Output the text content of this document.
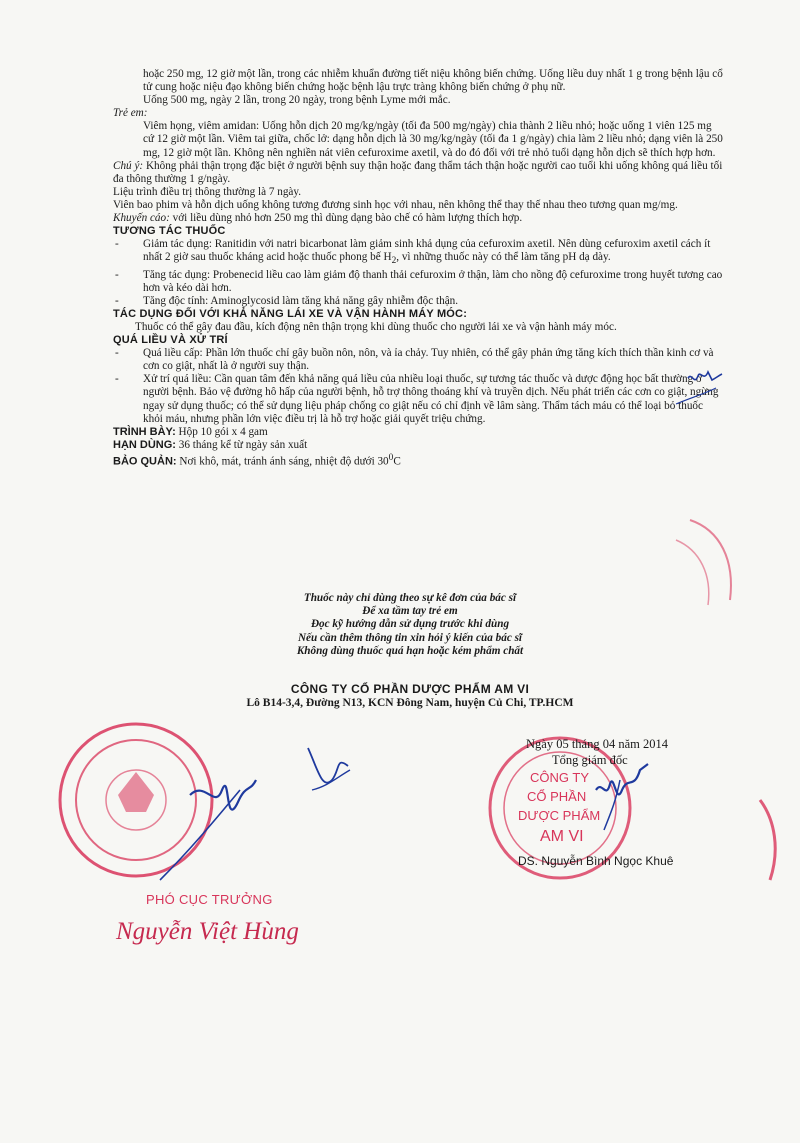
hoặc 250 mg, 12 giờ một lần, trong các nhiễm khuẩn đường tiết niệu không biến chứng. Uống liều duy nhất 1 g trong bệnh lậu cổ tử cung hoặc niệu đạo không biến chứng hoặc bệnh lậu trực tràng không biến chứng ở phụ nữ.

Uống 500 mg, ngày 2 lần, trong 20 ngày, trong bệnh Lyme mới mắc.

Trẻ em:

Viêm họng, viêm amidan: Uống hỗn dịch 20 mg/kg/ngày (tối đa 500 mg/ngày) chia thành 2 liều nhỏ; hoặc uống 1 viên 125 mg cứ 12 giờ một lần. Viêm tai giữa, chốc lở: dạng hỗn dịch là 30 mg/kg/ngày (tối đa 1 g/ngày) chia làm 2 liều nhỏ; dạng viên là 250 mg, 12 giờ một lần. Không nên nghiền nát viên cefuroxime axetil, và do đó đối với trẻ nhỏ tuổi dạng hỗn dịch sẽ thích hợp hơn.

Chú ý: Không phải thận trọng đặc biệt ở người bệnh suy thận hoặc đang thẩm tách thận hoặc người cao tuổi khi uống không quá liều tối đa thông thường 1 g/ngày.

Liệu trình điều trị thông thường là 7 ngày.

Viên bao phim và hỗn dịch uống không tương đương sinh học với nhau, nên không thể thay thế nhau theo tương quan mg/mg.

Khuyến cáo: với liều dùng nhỏ hơn 250 mg thì dùng dạng bào chế có hàm lượng thích hợp.

TƯƠNG TÁC THUỐC

- Giảm tác dụng: Ranitidin với natri bicarbonat làm giảm sinh khả dụng của cefuroxim axetil. Nên dùng cefuroxim axetil cách ít nhất 2 giờ sau thuốc kháng acid hoặc thuốc phong bế $H_2$, vì những thuốc này có thể làm tăng pH dạ dày.

- Tăng tác dụng: Probenecid liều cao làm giảm độ thanh thải cefuroxim ở thận, làm cho nồng độ cefuroxime trong huyết tương cao hơn và kéo dài hơn.

- Tăng độc tính: Aminoglycosid làm tăng khả năng gây nhiễm độc thận.

TÁC DỤNG ĐỐI VỚI KHẢ NĂNG LÁI XE VÀ VẬN HÀNH MÁY MÓC:

Thuốc có thể gây đau đầu, kích động nên thận trọng khi dùng thuốc cho người lái xe và vận hành máy móc.

QUÁ LIỀU VÀ XỬ TRÍ

- Quá liều cấp: Phần lớn thuốc chỉ gây buồn nôn, nôn, và ỉa chảy. Tuy nhiên, có thể gây phản ứng tăng kích thích thần kinh cơ và cơn co giật, nhất là ở người suy thận.

- Xử trí quá liều: Cần quan tâm đến khả năng quá liều của nhiều loại thuốc, sự tương tác thuốc và dược động học bất thường ở người bệnh. Bảo vệ đường hô hấp của người bệnh, hỗ trợ thông thoáng khí và truyền dịch. Nếu phát triển các cơn co giật, ngừng ngay sử dụng thuốc; có thể sử dụng liệu pháp chống co giật nếu có chỉ định về lâm sàng. Thẩm tách máu có thể loại bỏ thuốc khỏi máu, nhưng phần lớn việc điều trị là hỗ trợ hoặc giải quyết triệu chứng.

TRÌNH BÀY: Hộp 10 gói x 4 gam

HẠN DÙNG: 36 tháng kể từ ngày sản xuất

BẢO QUẢN: Nơi khô, mát, tránh ánh sáng, nhiệt độ dưới $30^0C$

Thuốc này chỉ dùng theo sự kê đơn của bác sĩ

Để xa tầm tay trẻ em

Đọc kỹ hướng dẫn sử dụng trước khi dùng

Nếu cần thêm thông tin xin hỏi ý kiến của bác sĩ

Không dùng thuốc quá hạn hoặc kém phẩm chất

CÔNG TY CỔ PHẦN DƯỢC PHẨM AM VI

Lô B14-3,4, Đường N13, KCN Đông Nam, huyện Củ Chi, TP.HCM

CÔNG TY
CỔ PHẦN
DƯỢC PHẨM
AM VI

Ngày 05 tháng 04 năm 2014

Tổng giám đốc

DS. Nguyễn Bình Ngọc Khuê

PHÓ CỤC TRƯỞNG
Nguyễn Việt Hùng
